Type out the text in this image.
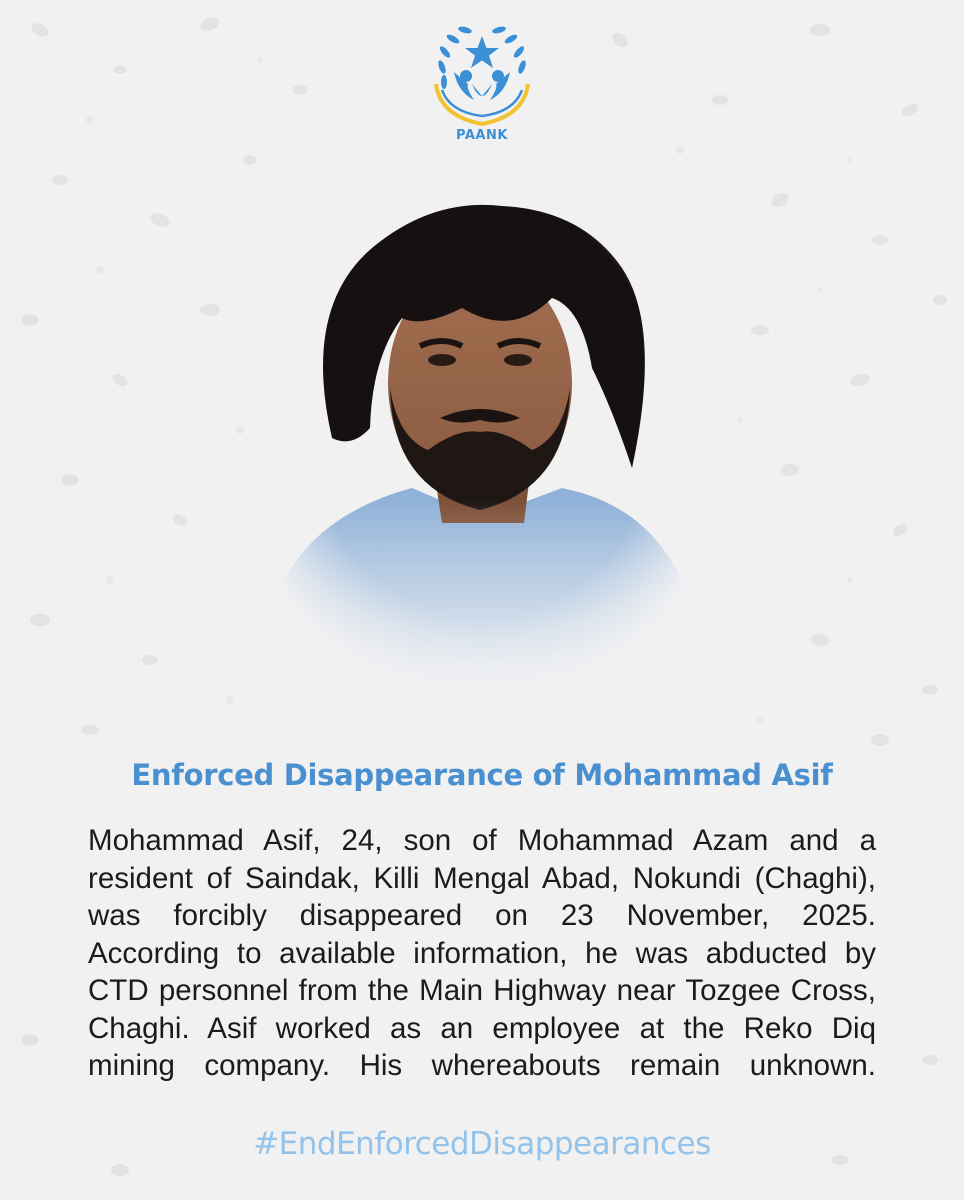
PAANK
Enforced Disappearance of Mohammad Asif
Mohammad Asif, 24, son of Mohammad Azam and a
resident of Saindak, Killi Mengal Abad, Nokundi (Chaghi),
was forcibly disappeared on 23 November, 2025.
According to available information, he was abducted by
CTD personnel from the Main Highway near Tozgee Cross,
Chaghi. Asif worked as an employee at the Reko Diq
mining company. His whereabouts remain unknown.
#EndEnforcedDisappearances
